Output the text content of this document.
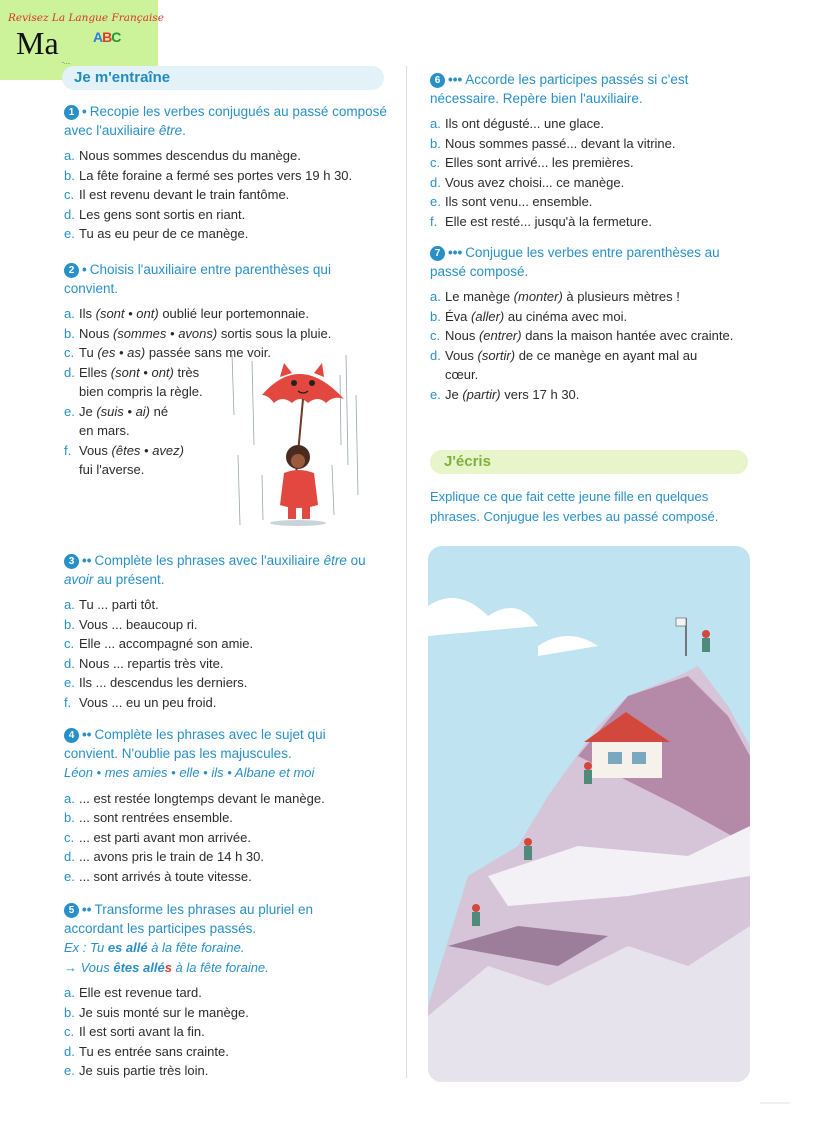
Revisez La Langue Française
Ma ABC
-....
Je m'entraîne
1 • Recopie les verbes conjugués au passé composé avec l'auxiliaire être.
a. Nous sommes descendus du manège.
b. La fête foraine a fermé ses portes vers 19 h 30.
c. Il est revenu devant le train fantôme.
d. Les gens sont sortis en riant.
e. Tu as eu peur de ce manège.
2 • Choisis l'auxiliaire entre parenthèses qui convient.
a. Ils (sont • ont) oublié leur portemonnaie.
b. Nous (sommes • avons) sortis sous la pluie.
c. Tu (es • as) passée sans me voir.
d. Elles (sont • ont) très bien compris la règle.
e. Je (suis • ai) né en mars.
f. Vous (êtes • avez) fui l'averse.
3 •• Complète les phrases avec l'auxiliaire être ou avoir au présent.
a. Tu ... parti tôt.
b. Vous ... beaucoup ri.
c. Elle ... accompagné son amie.
d. Nous ... repartis très vite.
e. Ils ... descendus les derniers.
f. Vous ... eu un peu froid.
4 •• Complète les phrases avec le sujet qui convient. N'oublie pas les majuscules.
Léon • mes amies • elle • ils • Albane et moi
a. ... est restée longtemps devant le manège.
b. ... sont rentrées ensemble.
c. ... est parti avant mon arrivée.
d. ... avons pris le train de 14 h 30.
e. ... sont arrivés à toute vitesse.
5 •• Transforme les phrases au pluriel en accordant les participes passés.
Ex : Tu es allé à la fête foraine.
→ Vous êtes allés à la fête foraine.
a. Elle est revenue tard.
b. Je suis monté sur le manège.
c. Il est sorti avant la fin.
d. Tu es entrée sans crainte.
e. Je suis partie très loin.
6 ••• Accorde les participes passés si c'est nécessaire. Repère bien l'auxiliaire.
a. Ils ont dégusté... une glace.
b. Nous sommes passé... devant la vitrine.
c. Elles sont arrivé... les premières.
d. Vous avez choisi... ce manège.
e. Ils sont venu... ensemble.
f. Elle est resté... jusqu'à la fermeture.
7 ••• Conjugue les verbes entre parenthèses au passé composé.
a. Le manège (monter) à plusieurs mètres !
b. Éva (aller) au cinéma avec moi.
c. Nous (entrer) dans la maison hantée avec crainte.
d. Vous (sortir) de ce manège en ayant mal au cœur.
e. Je (partir) vers 17 h 30.
J'écris
Explique ce que fait cette jeune fille en quelques phrases. Conjugue les verbes au passé composé.
